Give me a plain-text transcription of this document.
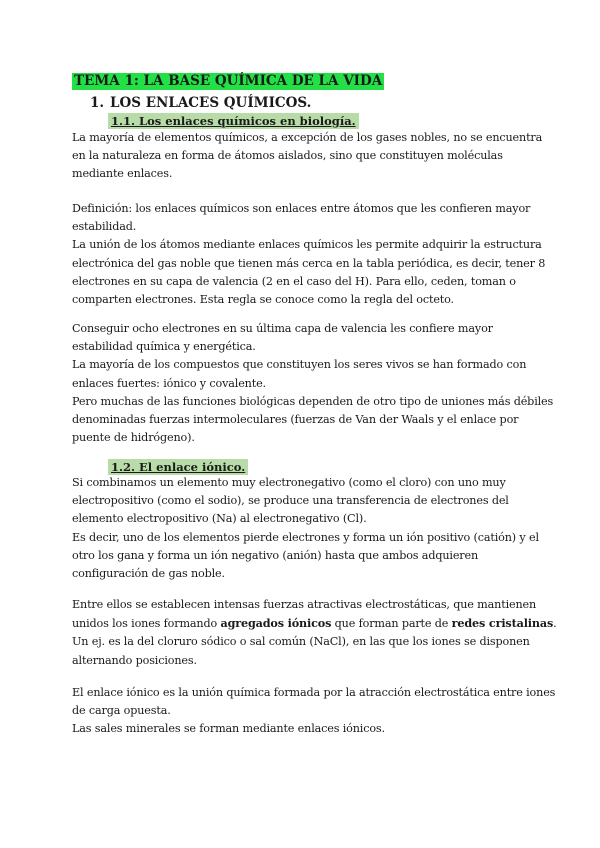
TEMA 1: LA BASE QUÍMICA DE LA VIDA
1. LOS ENLACES QUÍMICOS.
1.1. Los enlaces químicos en biología.

La mayoría de elementos químicos, a excepción de los gases nobles, no se encuentra

en la naturaleza en forma de átomos aislados, sino que constituyen moléculas

mediante enlaces.

Definición: los enlaces químicos son enlaces entre átomos que les confieren mayor

estabilidad.

La unión de los átomos mediante enlaces químicos les permite adquirir la estructura

electrónica del gas noble que tienen más cerca en la tabla periódica, es decir, tener 8

electrones en su capa de valencia (2 en el caso del H). Para ello, ceden, toman o

comparten electrones. Esta regla se conoce como la regla del octeto.

Conseguir ocho electrones en su última capa de valencia les confiere mayor

estabilidad química y energética.

La mayoría de los compuestos que constituyen los seres vivos se han formado con

enlaces fuertes: iónico y covalente.

Pero muchas de las funciones biológicas dependen de otro tipo de uniones más débiles

denominadas fuerzas intermoleculares (fuerzas de Van der Waals y el enlace por

puente de hidrógeno).

1.2. El enlace iónico.

Si combinamos un elemento muy electronegativo (como el cloro) con uno muy

electropositivo (como el sodio), se produce una transferencia de electrones del

elemento electropositivo (Na) al electronegativo (Cl).

Es decir, uno de los elementos pierde electrones y forma un ión positivo (catión) y el

otro los gana y forma un ión negativo (anión) hasta que ambos adquieren

configuración de gas noble.

Entre ellos se establecen intensas fuerzas atractivas electrostáticas, que mantienen

unidos los iones formando agregados iónicos que forman parte de redes cristalinas.

Un ej. es la del cloruro sódico o sal común (NaCl), en las que los iones se disponen

alternando posiciones.

El enlace iónico es la unión química formada por la atracción electrostática entre iones

de carga opuesta.

Las sales minerales se forman mediante enlaces iónicos.
